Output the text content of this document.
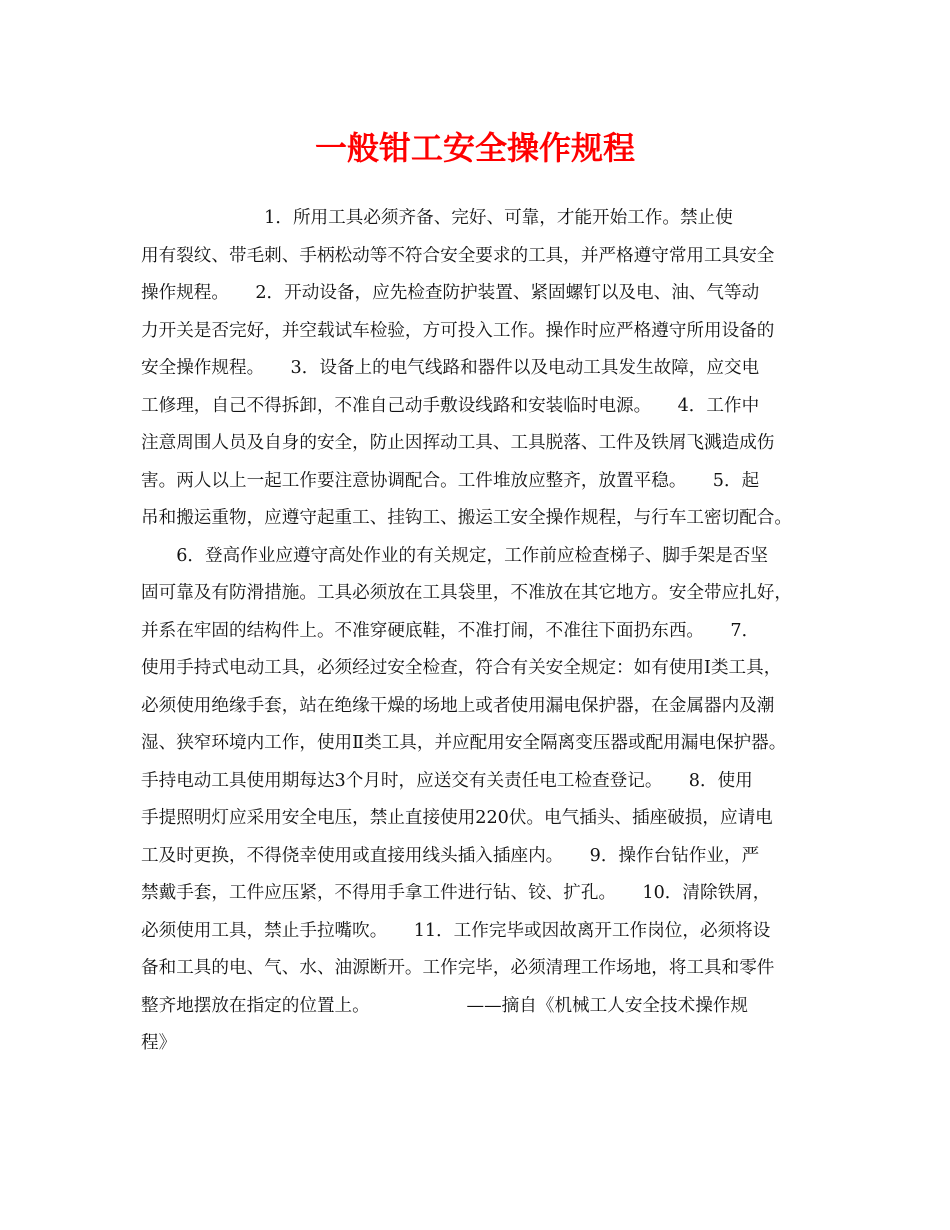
一般钳工安全操作规程
　　　　　　　1．所用工具必须齐备、完好、可靠，才能开始工作。禁止使
用有裂纹、带毛刺、手柄松动等不符合安全要求的工具，并严格遵守常用工具安全
操作规程。　　2．开动设备，应先检查防护装置、紧固螺钉以及电、油、气等动
力开关是否完好，并空载试车检验，方可投入工作。操作时应严格遵守所用设备的
安全操作规程。　　3．设备上的电气线路和器件以及电动工具发生故障，应交电
工修理，自己不得拆卸，不准自己动手敷设线路和安装临时电源。　　4．工作中
注意周围人员及自身的安全，防止因挥动工具、工具脱落、工件及铁屑飞溅造成伤
害。两人以上一起工作要注意协调配合。工件堆放应整齐，放置平稳。　　5．起
吊和搬运重物，应遵守起重工、挂钩工、搬运工安全操作规程，与行车工密切配合。
　　6．登高作业应遵守高处作业的有关规定，工作前应检查梯子、脚手架是否坚
固可靠及有防滑措施。工具必须放在工具袋里，不准放在其它地方。安全带应扎好，
并系在牢固的结构件上。不准穿硬底鞋，不准打闹，不准往下面扔东西。　　7．
使用手持式电动工具，必须经过安全检查，符合有关安全规定：如有使用Ⅰ类工具，
必须使用绝缘手套，站在绝缘干燥的场地上或者使用漏电保护器，在金属器内及潮
湿、狭窄环境内工作，使用Ⅱ类工具，并应配用安全隔离变压器或配用漏电保护器。
手持电动工具使用期每达3个月时，应送交有关责任电工检查登记。　　8．使用
手提照明灯应采用安全电压，禁止直接使用220伏。电气插头、插座破损，应请电
工及时更换，不得侥幸使用或直接用线头插入插座内。　　9．操作台钻作业，严
禁戴手套，工件应压紧，不得用手拿工件进行钻、铰、扩孔。　　10．清除铁屑，
必须使用工具，禁止手拉嘴吹。　　11．工作完毕或因故离开工作岗位，必须将设
备和工具的电、气、水、油源断开。工作完毕，必须清理工作场地，将工具和零件
整齐地摆放在指定的位置上。　　　　　　——摘自《机械工人安全技术操作规
程》
